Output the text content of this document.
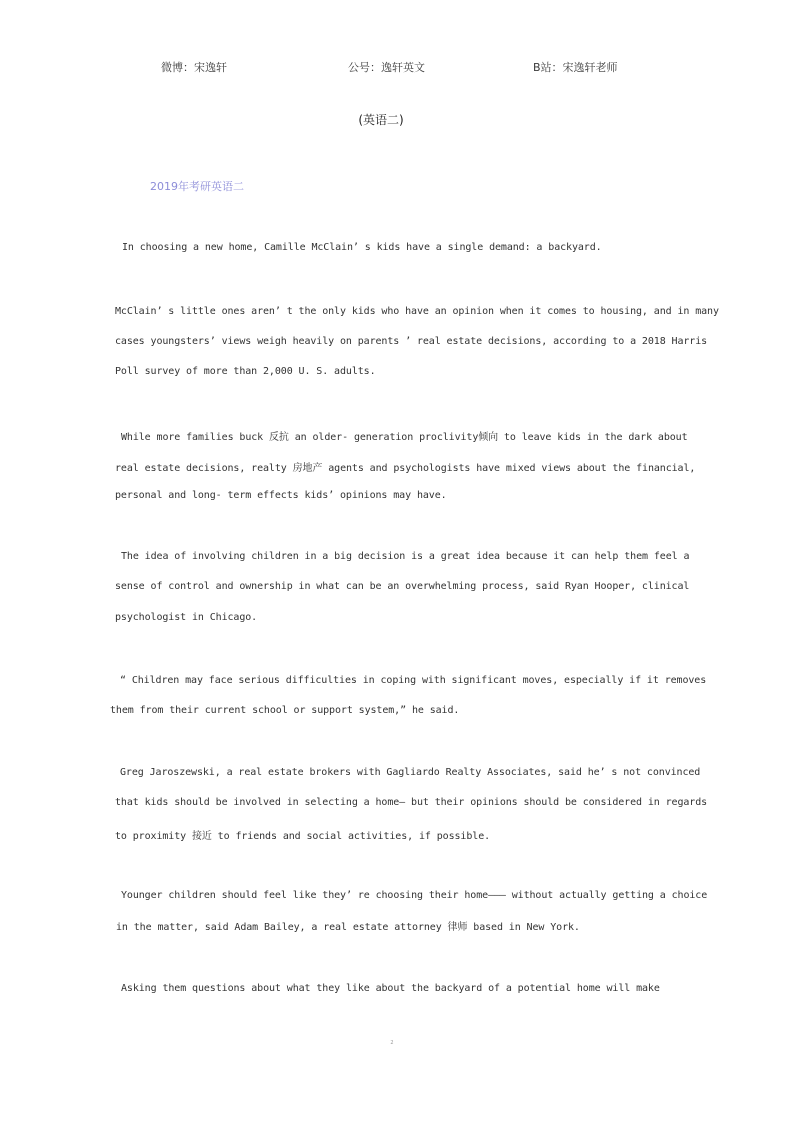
微博：宋逸轩	公号：逸轩英文	B站：宋逸轩老师
(英语二)
2019年考研英语二
In choosing a new home, Camille McClain’ s kids have a single demand: a backyard.
McClain’ s little ones aren’ t the only kids who have an opinion when it comes to housing, and in many
cases youngsters’ views weigh heavily on parents ’ real estate decisions, according to a 2018 Harris
Poll survey of more than 2,000 U. S. adults.
While more families buck 反抗 an older- generation proclivity倾向 to leave kids in the dark about
real estate decisions, realty 房地产 agents and psychologists have mixed views about the financial,
personal and long- term effects kids’ opinions may have.
The idea of involving children in a big decision is a great idea because it can help them feel a
sense of control and ownership in what can be an overwhelming process, said Ryan Hooper, clinical
psychologist in Chicago.
“ Children may face serious difficulties in coping with significant moves, especially if it removes
them from their current school or support system,” he said.
Greg Jaroszewski, a real estate brokers with Gagliardo Realty Associates, said he’ s not convinced
that kids should be involved in selecting a home— but their opinions should be considered in regards
to proximity 接近 to friends and social activities, if possible.
Younger children should feel like they’ re choosing their home——— without actually getting a choice
in the matter, said Adam Bailey, a real estate attorney 律师 based in New York.
Asking them questions about what they like about the backyard of a potential home will make
2
